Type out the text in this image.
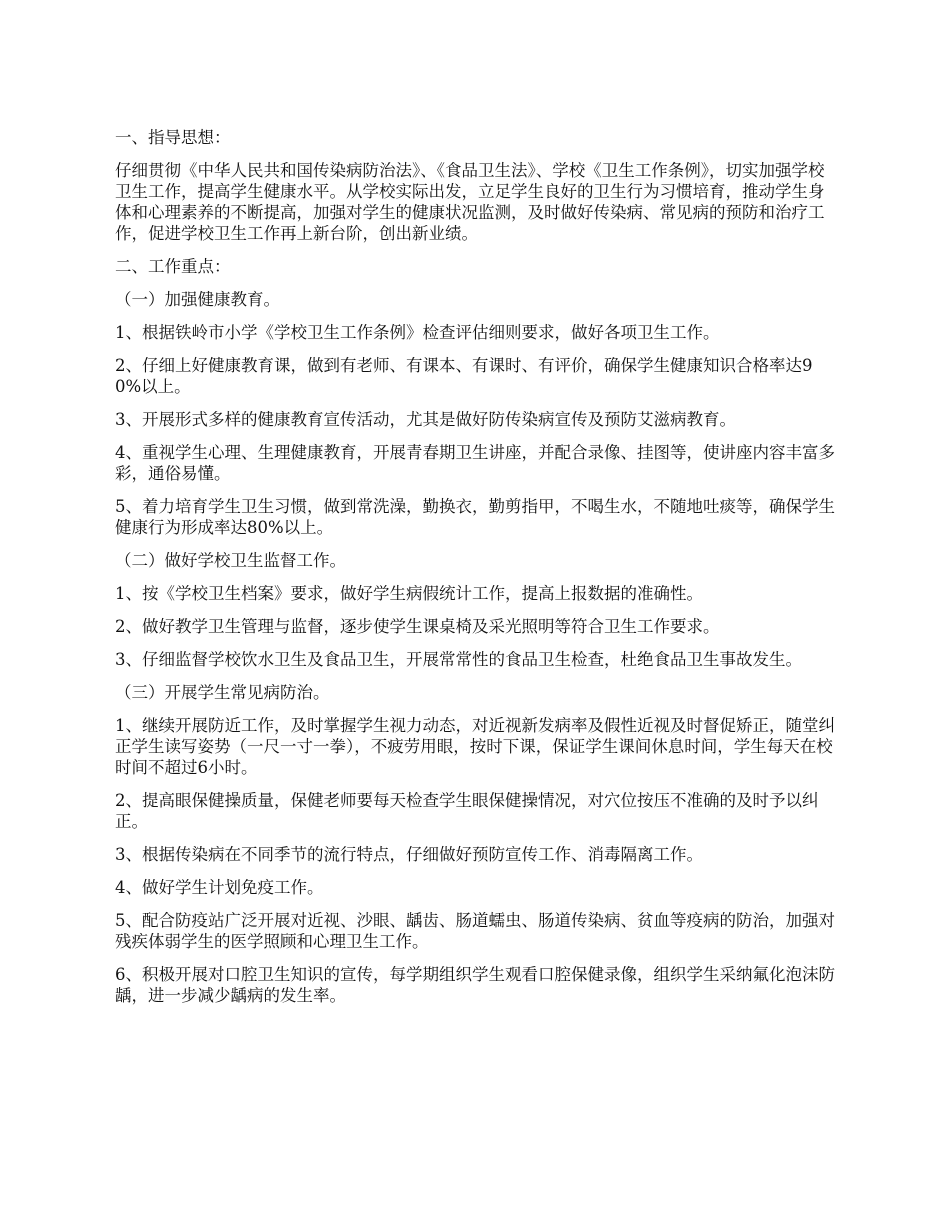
一、指导思想：

仔细贯彻《中华人民共和国传染病防治法》、《食品卫生法》、学校《卫生工作条例》，切实加强学校卫生工作，提高学生健康水平。从学校实际出发，立足学生良好的卫生行为习惯培育，推动学生身体和心理素养的不断提高，加强对学生的健康状况监测，及时做好传染病、常见病的预防和治疗工作，促进学校卫生工作再上新台阶，创出新业绩。

二、工作重点：

（一）加强健康教育。

1、根据铁岭市小学《学校卫生工作条例》检查评估细则要求，做好各项卫生工作。

2、仔细上好健康教育课，做到有老师、有课本、有课时、有评价，确保学生健康知识合格率达90%以上。

3、开展形式多样的健康教育宣传活动，尤其是做好防传染病宣传及预防艾滋病教育。

4、重视学生心理、生理健康教育，开展青春期卫生讲座，并配合录像、挂图等，使讲座内容丰富多彩，通俗易懂。

5、着力培育学生卫生习惯，做到常洗澡，勤换衣，勤剪指甲，不喝生水，不随地吐痰等，确保学生健康行为形成率达80%以上。

（二）做好学校卫生监督工作。

1、按《学校卫生档案》要求，做好学生病假统计工作，提高上报数据的准确性。

2、做好教学卫生管理与监督，逐步使学生课桌椅及采光照明等符合卫生工作要求。

3、仔细监督学校饮水卫生及食品卫生，开展常常性的食品卫生检查，杜绝食品卫生事故发生。

（三）开展学生常见病防治。

1、继续开展防近工作，及时掌握学生视力动态，对近视新发病率及假性近视及时督促矫正，随堂纠正学生读写姿势（一尺一寸一拳），不疲劳用眼，按时下课，保证学生课间休息时间，学生每天在校时间不超过6小时。

2、提高眼保健操质量，保健老师要每天检查学生眼保健操情况，对穴位按压不准确的及时予以纠正。

3、根据传染病在不同季节的流行特点，仔细做好预防宣传工作、消毒隔离工作。

4、做好学生计划免疫工作。

5、配合防疫站广泛开展对近视、沙眼、龋齿、肠道蠕虫、肠道传染病、贫血等疫病的防治，加强对残疾体弱学生的医学照顾和心理卫生工作。

6、积极开展对口腔卫生知识的宣传，每学期组织学生观看口腔保健录像，组织学生采纳氟化泡沫防龋，进一步减少龋病的发生率。
